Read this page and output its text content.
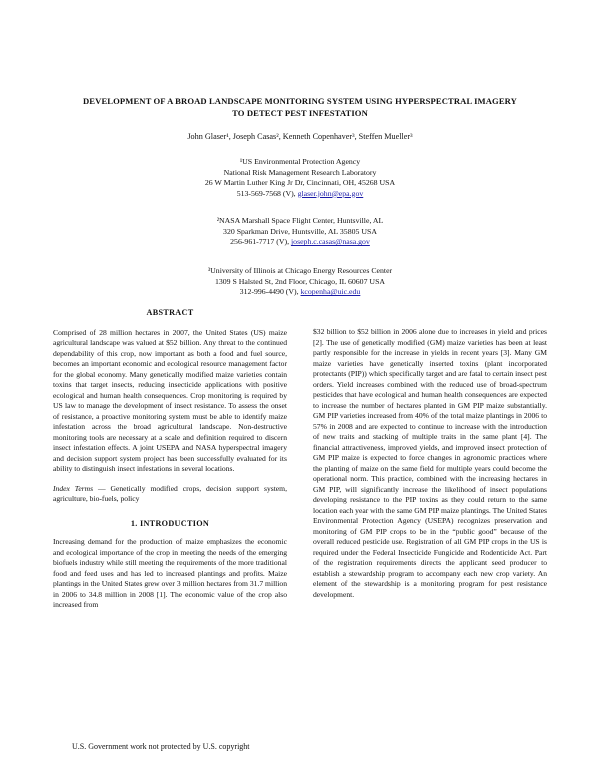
DEVELOPMENT OF A BROAD LANDSCAPE MONITORING SYSTEM USING HYPERSPECTRAL IMAGERY
TO DETECT PEST INFESTATION
John Glaser¹, Joseph Casas², Kenneth Copenhaver³, Steffen Mueller³
¹US Environmental Protection Agency
National Risk Management Research Laboratory
26 W Martin Luther King Jr Dr, Cincinnati, OH, 45268 USA
513-569-7568 (V), glaser.john@epa.gov
²NASA Marshall Space Flight Center, Huntsville, AL
320 Sparkman Drive, Huntsville, AL 35805 USA
256-961-7717 (V), joseph.c.casas@nasa.gov
³University of Illinois at Chicago Energy Resources Center
1309 S Halsted St, 2nd Floor, Chicago, IL 60607 USA
312-996-4490 (V), kcopenha@uic.edu
ABSTRACT

Comprised of 28 million hectares in 2007, the United States (US) maize agricultural landscape was valued at $52 billion. Any threat to the continued dependability of this crop, now important as both a food and fuel source, becomes an important economic and ecological resource management factor for the global economy. Many genetically modified maize varieties contain toxins that target insects, reducing insecticide applications with positive ecological and human health consequences. Crop monitoring is required by US law to manage the development of insect resistance. To assess the onset of resistance, a proactive monitoring system must be able to identify maize infestation across the broad agricultural landscape. Non-destructive monitoring tools are necessary at a scale and definition required to discern insect infestation effects. A joint USEPA and NASA hyperspectral imagery and decision support system project has been successfully evaluated for its ability to distinguish insect infestations in several locations.

Index Terms — Genetically modified crops, decision support system, agriculture, bio-fuels, policy

1. INTRODUCTION

Increasing demand for the production of maize emphasizes the economic and ecological importance of the crop in meeting the needs of the emerging biofuels industry while still meeting the requirements of the more traditional food and feed uses and has led to increased plantings and profits. Maize plantings in the United States grew over 3 million hectares from 31.7 million in 2006 to 34.8 million in 2008 [1]. The economic value of the crop also increased from

$32 billion to $52 billion in 2006 alone due to increases in yield and prices [2]. The use of genetically modified (GM) maize varieties has been at least partly responsible for the increase in yields in recent years [3]. Many GM maize varieties have genetically inserted toxins (plant incorporated protectants (PIP)) which specifically target and are fatal to certain insect pest orders. Yield increases combined with the reduced use of broad-spectrum pesticides that have ecological and human health consequences are expected to increase the number of hectares planted in GM PIP maize substantially. GM PIP varieties increased from 40% of the total maize plantings in 2006 to 57% in 2008 and are expected to continue to increase with the introduction of new traits and stacking of multiple traits in the same plant [4]. The financial attractiveness, improved yields, and improved insect protection of GM PIP maize is expected to force changes in agronomic practices where the planting of maize on the same field for multiple years could become the operational norm. This practice, combined with the increasing hectares in GM PIP, will significantly increase the likelihood of insect populations developing resistance to the PIP toxins as they could return to the same location each year with the same GM PIP maize plantings. The United States Environmental Protection Agency (USEPA) recognizes preservation and monitoring of GM PIP crops to be in the “public good” because of the overall reduced pesticide use. Registration of all GM PIP crops in the US is required under the Federal Insecticide Fungicide and Rodenticide Act. Part of the registration requirements directs the applicant seed producer to establish a stewardship program to accompany each new crop variety. An element of the stewardship is a monitoring program for pest resistance development.

U.S. Government work not protected by U.S. copyright
